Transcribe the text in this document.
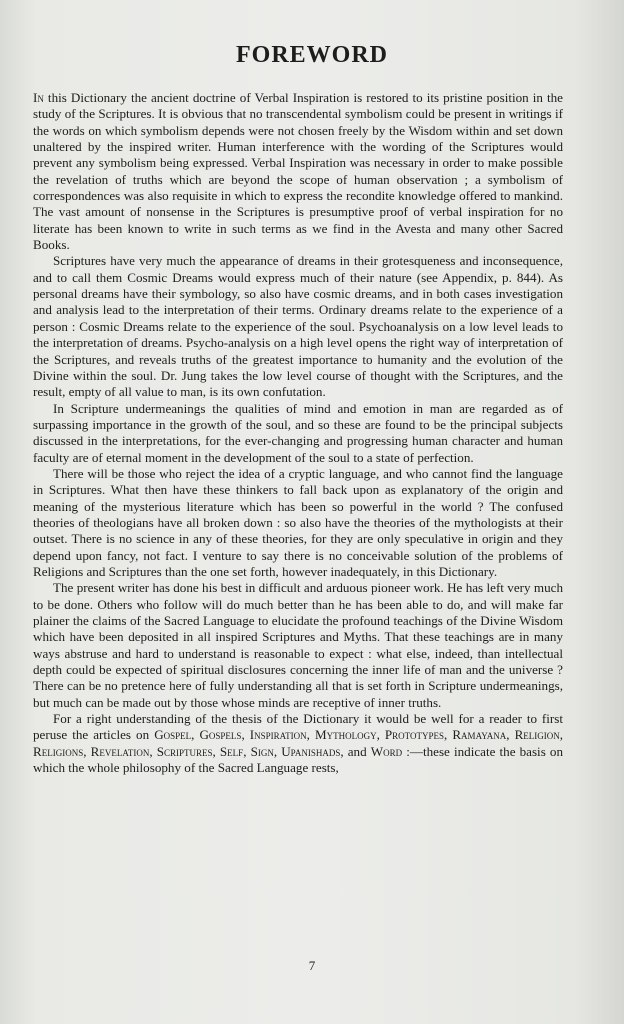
FOREWORD

In this Dictionary the ancient doctrine of Verbal Inspiration is restored to its pristine position in the study of the Scriptures. It is obvious that no transcendental symbolism could be present in writings if the words on which symbolism depends were not chosen freely by the Wisdom within and set down unaltered by the inspired writer. Human interference with the wording of the Scriptures would prevent any symbolism being expressed. Verbal Inspiration was necessary in order to make possible the revelation of truths which are beyond the scope of human observation ; a symbolism of correspondences was also requisite in which to express the recondite knowledge offered to mankind. The vast amount of nonsense in the Scriptures is presumptive proof of verbal inspiration for no literate has been known to write in such terms as we find in the Avesta and many other Sacred Books.

Scriptures have very much the appearance of dreams in their grotesqueness and inconsequence, and to call them Cosmic Dreams would express much of their nature (see Appendix, p. 844). As personal dreams have their symbology, so also have cosmic dreams, and in both cases investigation and analysis lead to the interpretation of their terms. Ordinary dreams relate to the experience of a person : Cosmic Dreams relate to the experience of the soul. Psychoanalysis on a low level leads to the interpretation of dreams. Psycho-analysis on a high level opens the right way of interpretation of the Scriptures, and reveals truths of the greatest importance to humanity and the evolution of the Divine within the soul. Dr. Jung takes the low level course of thought with the Scriptures, and the result, empty of all value to man, is its own confutation.

In Scripture undermeanings the qualities of mind and emotion in man are regarded as of surpassing importance in the growth of the soul, and so these are found to be the principal subjects discussed in the interpretations, for the ever-changing and progressing human character and human faculty are of eternal moment in the development of the soul to a state of perfection.

There will be those who reject the idea of a cryptic language, and who cannot find the language in Scriptures. What then have these thinkers to fall back upon as explanatory of the origin and meaning of the mysterious literature which has been so powerful in the world ? The confused theories of theologians have all broken down : so also have the theories of the mythologists at their outset. There is no science in any of these theories, for they are only speculative in origin and they depend upon fancy, not fact. I venture to say there is no conceivable solution of the problems of Religions and Scriptures than the one set forth, however inadequately, in this Dictionary.

The present writer has done his best in difficult and arduous pioneer work. He has left very much to be done. Others who follow will do much better than he has been able to do, and will make far plainer the claims of the Sacred Language to elucidate the profound teachings of the Divine Wisdom which have been deposited in all inspired Scriptures and Myths. That these teachings are in many ways abstruse and hard to understand is reasonable to expect : what else, indeed, than intellectual depth could be expected of spiritual disclosures concerning the inner life of man and the universe ? There can be no pretence here of fully understanding all that is set forth in Scripture undermeanings, but much can be made out by those whose minds are receptive of inner truths.

For a right understanding of the thesis of the Dictionary it would be well for a reader to first peruse the articles on Gospel, Gospels, Inspiration, Mythology, Prototypes, Ramayana, Religion, Religions, Revelation, Scriptures, Self, Sign, Upanishads, and Word :—these indicate the basis on which the whole philosophy of the Sacred Language rests,

7
